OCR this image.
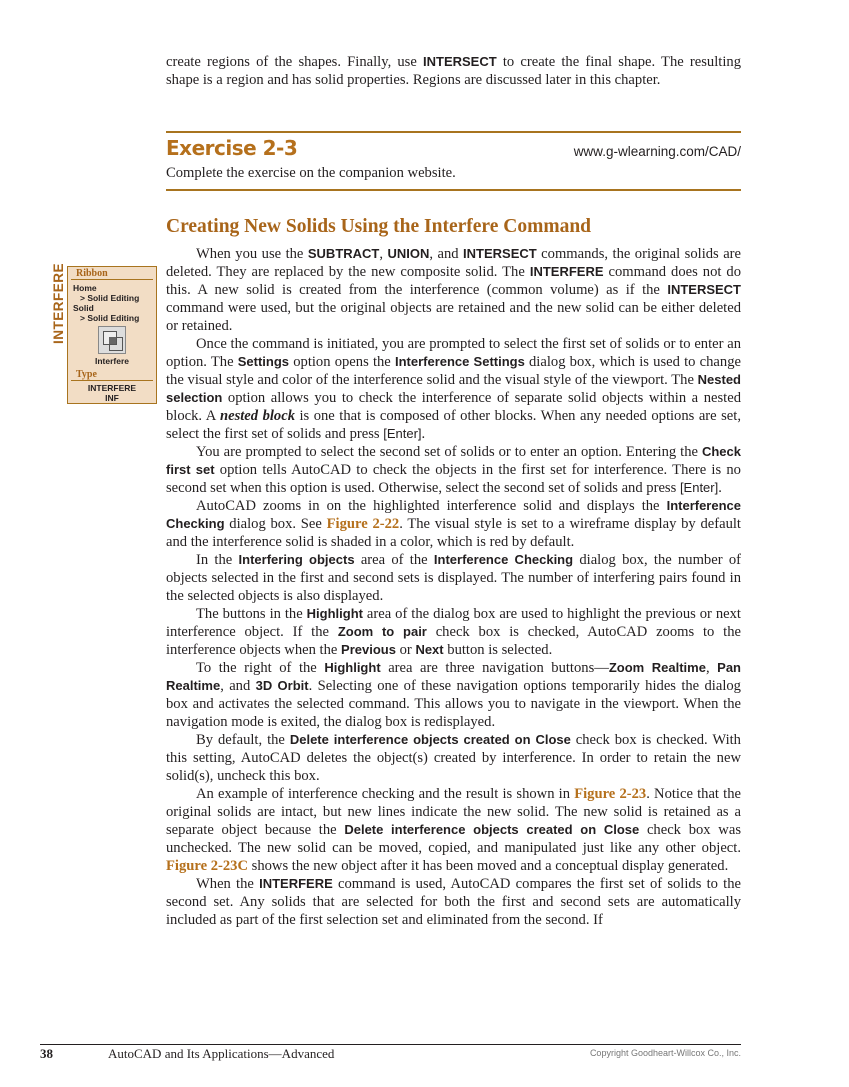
create regions of the shapes. Finally, use INTERSECT to create the final shape. The resulting shape is a region and has solid properties. Regions are discussed later in this chapter.

Exercise 2-3	www.g-wlearning.com/CAD/
Complete the exercise on the companion website.
Creating New Solids Using the Interfere Command
INTERFERE Ribbon
Home
> Solid Editing
Solid
> Solid Editing
Interfere
Type
INTERFERE
INF

When you use the SUBTRACT, UNION, and INTERSECT commands, the original solids are deleted. They are replaced by the new composite solid. The INTERFERE command does not do this. A new solid is created from the interference (common volume) as if the INTERSECT command were used, but the original objects are retained and the new solid can be either deleted or retained.

Once the command is initiated, you are prompted to select the first set of solids or to enter an option. The Settings option opens the Interference Settings dialog box, which is used to change the visual style and color of the interference solid and the visual style of the viewport. The Nested selection option allows you to check the interference of separate solid objects within a nested block. A nested block is one that is composed of other blocks. When any needed options are set, select the first set of solids and press [Enter].

You are prompted to select the second set of solids or to enter an option. Entering the Check first set option tells AutoCAD to check the objects in the first set for interference. There is no second set when this option is used. Otherwise, select the second set of solids and press [Enter].

AutoCAD zooms in on the highlighted interference solid and displays the Interference Checking dialog box. See Figure 2-22. The visual style is set to a wireframe display by default and the interference solid is shaded in a color, which is red by default.

In the Interfering objects area of the Interference Checking dialog box, the number of objects selected in the first and second sets is displayed. The number of interfering pairs found in the selected objects is also displayed.

The buttons in the Highlight area of the dialog box are used to highlight the previous or next interference object. If the Zoom to pair check box is checked, AutoCAD zooms to the interference objects when the Previous or Next button is selected.

To the right of the Highlight area are three navigation buttons—Zoom Realtime, Pan Realtime, and 3D Orbit. Selecting one of these navigation options temporarily hides the dialog box and activates the selected command. This allows you to navigate in the viewport. When the navigation mode is exited, the dialog box is redisplayed.

By default, the Delete interference objects created on Close check box is checked. With this setting, AutoCAD deletes the object(s) created by interference. In order to retain the new solid(s), uncheck this box.

An example of interference checking and the result is shown in Figure 2-23. Notice that the original solids are intact, but new lines indicate the new solid. The new solid is retained as a separate object because the Delete interference objects created on Close check box was unchecked. The new solid can be moved, copied, and manipulated just like any other object. Figure 2-23C shows the new object after it has been moved and a conceptual display generated.

When the INTERFERE command is used, AutoCAD compares the first set of solids to the second set. Any solids that are selected for both the first and second sets are automatically included as part of the first selection set and eliminated from the second. If

38	AutoCAD and Its Applications—Advanced	Copyright Goodheart-Willcox Co., Inc.
